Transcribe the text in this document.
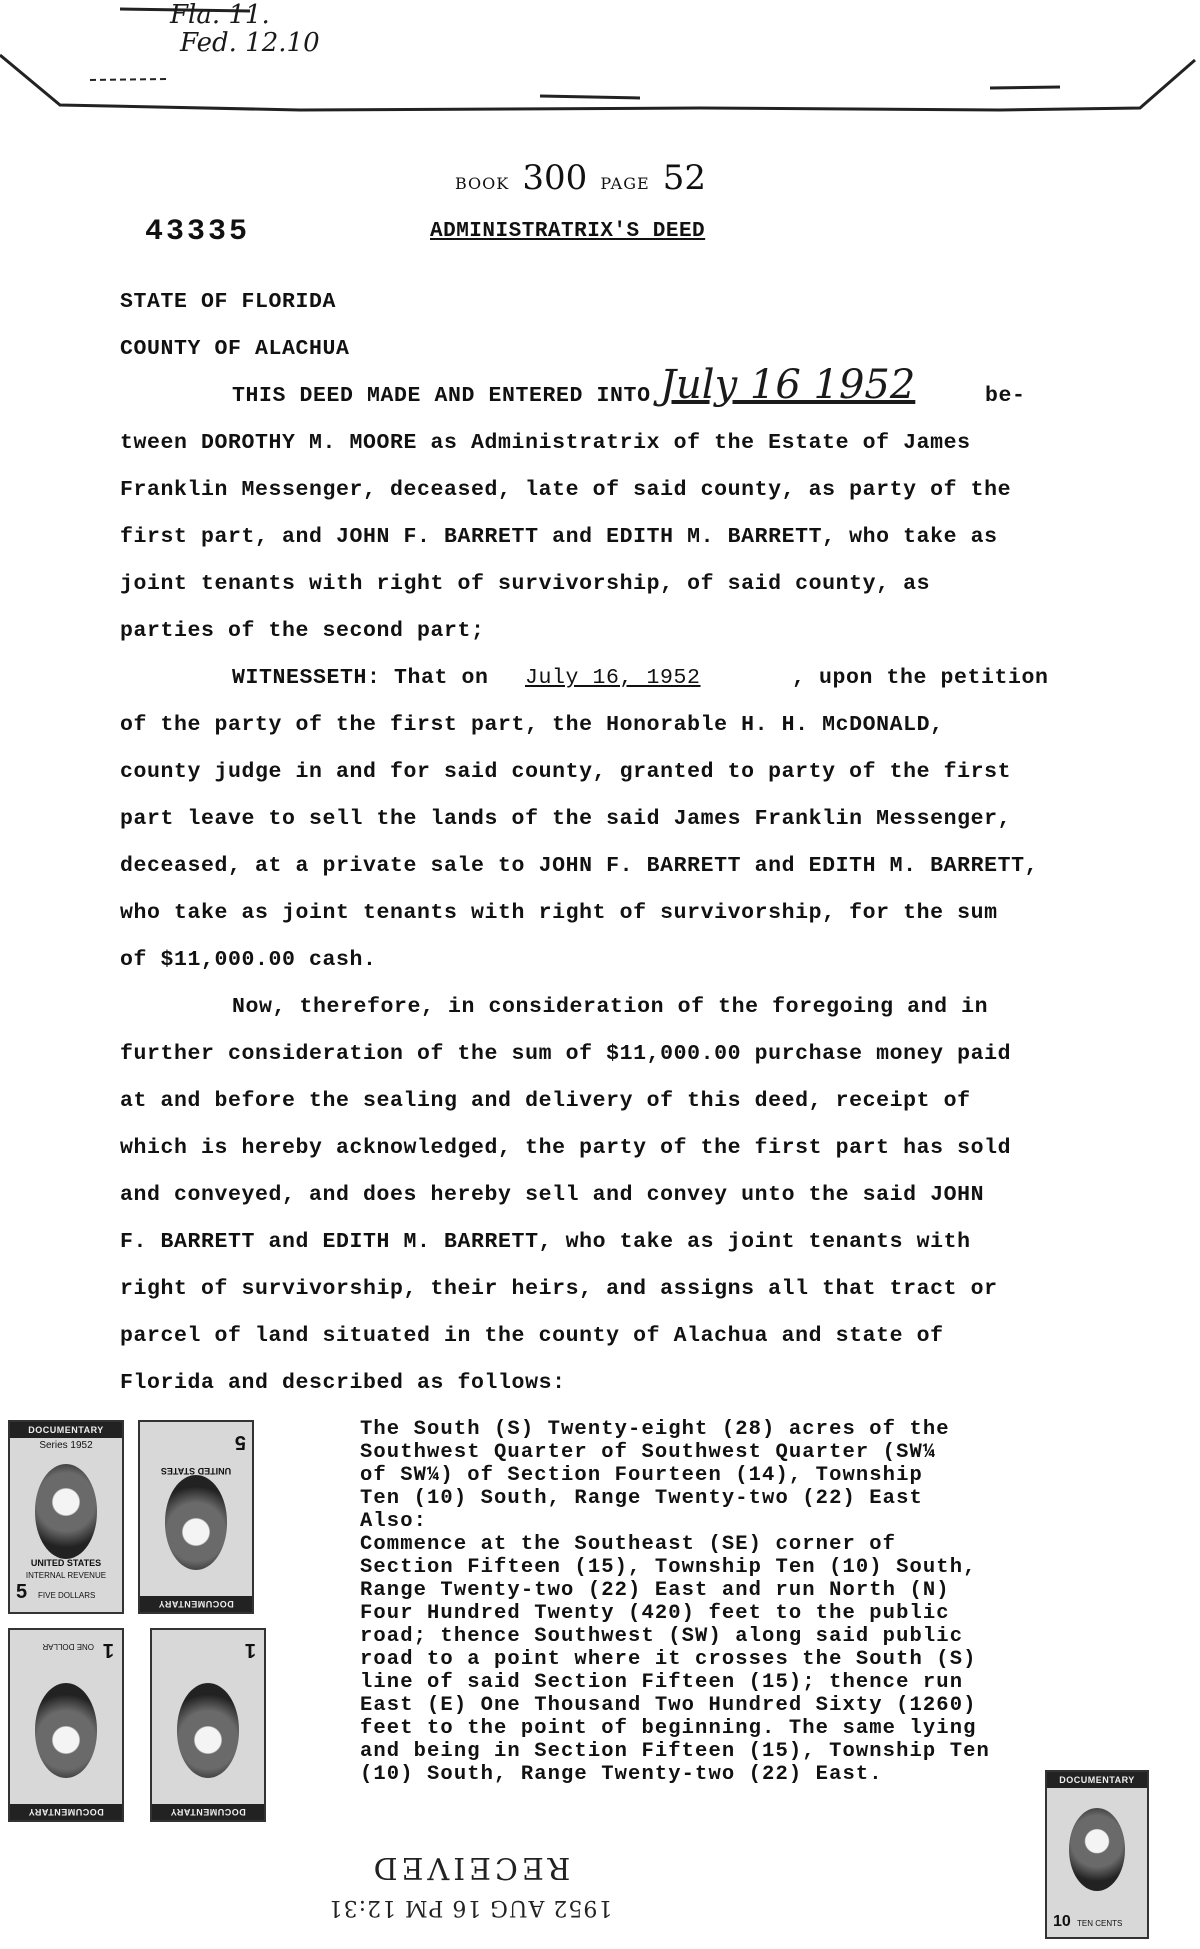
Fla. 11.
Fed. 12.10
BOOK 300 PAGE 52
43335	ADMINISTRATRIX'S DEED
STATE OF FLORIDA
COUNTY OF ALACHUA
THIS DEED MADE AND ENTERED INTO July 16 1952	be-
tween DOROTHY M. MOORE as Administratrix of the Estate of James
Franklin Messenger, deceased, late of said county, as party of the
first part, and JOHN F. BARRETT and EDITH M. BARRETT, who take as
joint tenants with right of survivorship, of said county, as
parties of the second part;
WITNESSETH: That on July 16, 1952	, upon the petition
of the party of the first part, the Honorable H. H. McDONALD,
county judge in and for said county, granted to party of the first
part leave to sell the lands of the said James Franklin Messenger,
deceased, at a private sale to JOHN F. BARRETT and EDITH M. BARRETT,
who take as joint tenants with right of survivorship, for the sum
of $11,000.00 cash.
Now, therefore, in consideration of the foregoing and in
further consideration of the sum of $11,000.00 purchase money paid
at and before the sealing and delivery of this deed, receipt of
which is hereby acknowledged, the party of the first part has sold
and conveyed, and does hereby sell and convey unto the said JOHN
F. BARRETT and EDITH M. BARRETT, who take as joint tenants with
right of survivorship, their heirs, and assigns all that tract or
parcel of land situated in the county of Alachua and state of
Florida and described as follows:
The South (S) Twenty-eight (28) acres of the
Southwest Quarter of Southwest Quarter (SW¼
of SW¼) of Section Fourteen (14), Township
Ten (10) South, Range Twenty-two (22) East
Also:
Commence at the Southeast (SE) corner of
Section Fifteen (15), Township Ten (10) South,
Range Twenty-two (22) East and run North (N)
Four Hundred Twenty (420) feet to the public
road; thence Southwest (SW) along said public
road to a point where it crosses the South (S)
line of said Section Fifteen (15); thence run
East (E) One Thousand Two Hundred Sixty (1260)
feet to the point of beginning. The same lying
and being in Section Fifteen (15), Township Ten
(10) South, Range Twenty-two (22) East.
DOCUMENTARY
Series 1952
UNITED STATES
INTERNAL REVENUE
5 FIVE DOLLARS
DOCUMENTARY
UNITED STATES
5
DOCUMENTARY
1
ONE DOLLAR
DOCUMENTARY
1
DOCUMENTARY
10 TEN CENTS
1952 AUG 16 PM 12:31
RECEIVED
